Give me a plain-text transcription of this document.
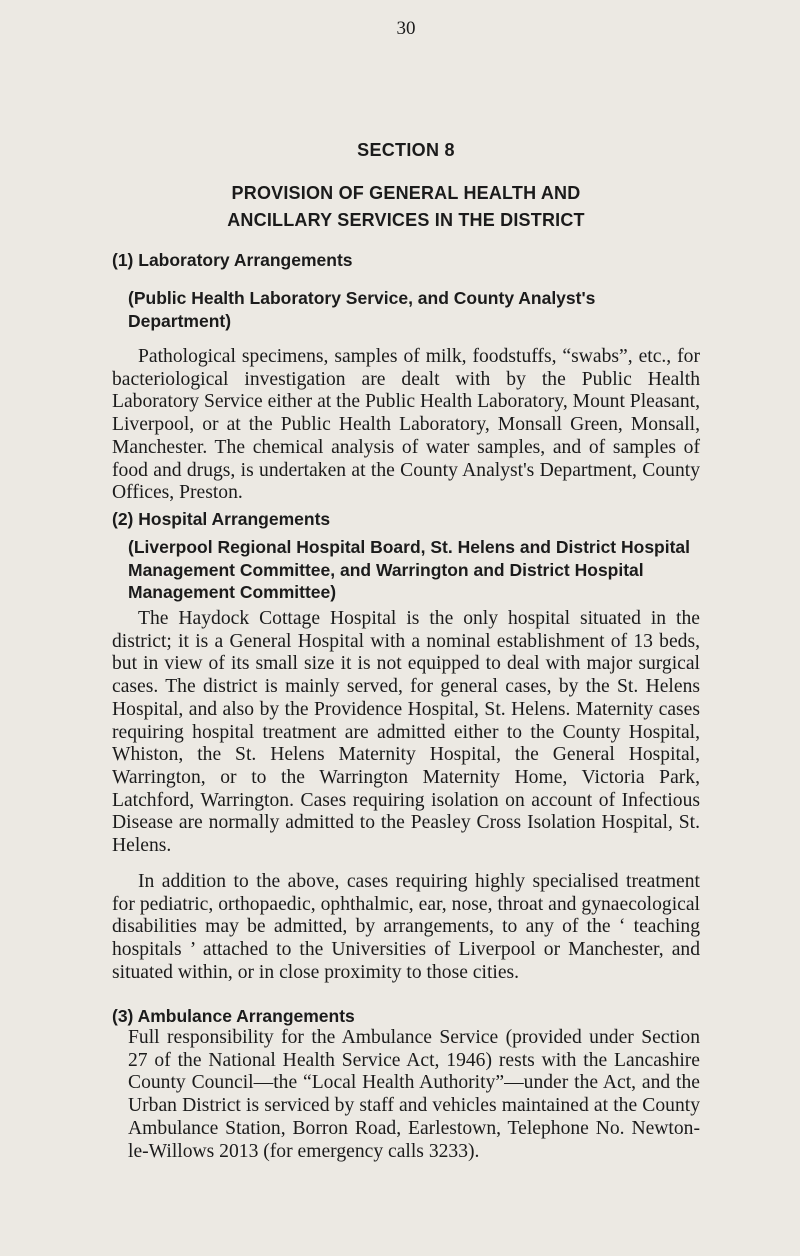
30
SECTION 8
PROVISION OF GENERAL HEALTH AND ANCILLARY SERVICES IN THE DISTRICT
(1) Laboratory Arrangements
(Public Health Laboratory Service, and County Analyst's Department)

Pathological specimens, samples of milk, foodstuffs, “swabs”, etc., for bacteriological investigation are dealt with by the Public Health Laboratory Service either at the Public Health Laboratory, Mount Pleasant, Liverpool, or at the Public Health Laboratory, Monsall Green, Monsall, Manchester. The chemical analysis of water samples, and of samples of food and drugs, is undertaken at the County Analyst's Department, County Offices, Preston.

(2) Hospital Arrangements
(Liverpool Regional Hospital Board, St. Helens and District Hospital Management Committee, and Warrington and District Hospital Management Committee)

The Haydock Cottage Hospital is the only hospital situated in the district; it is a General Hospital with a nominal establishment of 13 beds, but in view of its small size it is not equipped to deal with major surgical cases. The district is mainly served, for general cases, by the St. Helens Hospital, and also by the Providence Hospital, St. Helens. Maternity cases requiring hospital treatment are admitted either to the County Hospital, Whiston, the St. Helens Maternity Hospital, the General Hospital, Warrington, or to the Warrington Maternity Home, Victoria Park, Latchford, Warrington. Cases requiring isolation on account of Infectious Disease are normally admitted to the Peasley Cross Isolation Hospital, St. Helens.

In addition to the above, cases requiring highly specialised treatment for pediatric, orthopaedic, ophthalmic, ear, nose, throat and gynaecological disabilities may be admitted, by arrangements, to any of the ‘ teaching hospitals ’ attached to the Universities of Liverpool or Manchester, and situated within, or in close proximity to those cities.

(3) Ambulance Arrangements

Full responsibility for the Ambulance Service (provided under Section 27 of the National Health Service Act, 1946) rests with the Lancashire County Council—the “Local Health Authority”—under the Act, and the Urban District is serviced by staff and vehicles maintained at the County Ambulance Station, Borron Road, Earlestown, Telephone No. Newton-le-Willows 2013 (for emergency calls 3233).
